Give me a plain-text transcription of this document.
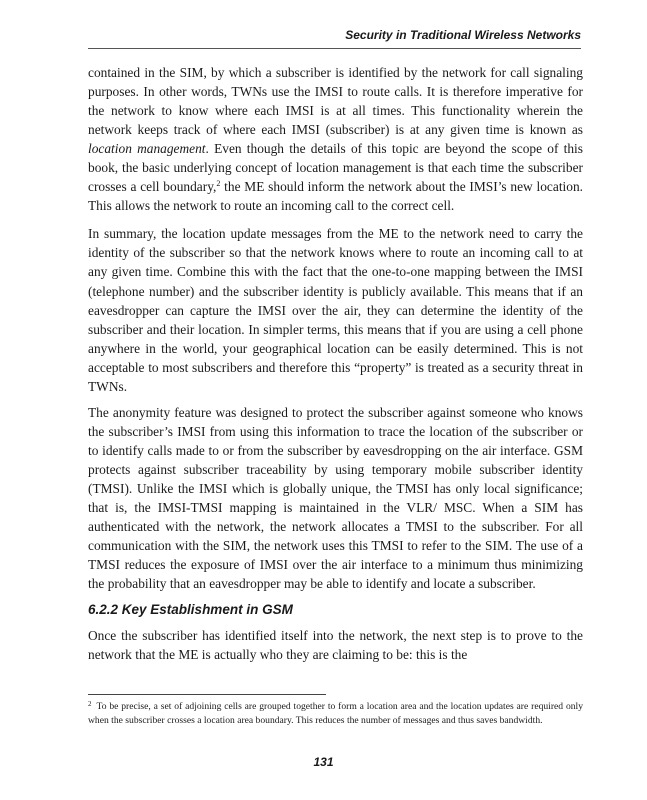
Security in Traditional Wireless Networks

contained in the SIM, by which a subscriber is identified by the network for call signaling purposes. In other words, TWNs use the IMSI to route calls. It is therefore imperative for the network to know where each IMSI is at all times. This functionality wherein the network keeps track of where each IMSI (subscriber) is at any given time is known as location management. Even though the details of this topic are beyond the scope of this book, the basic underlying concept of location management is that each time the subscriber crosses a cell boundary,$^2$ the ME should inform the network about the IMSI’s new location. This allows the network to route an incoming call to the correct cell.

In summary, the location update messages from the ME to the network need to carry the identity of the subscriber so that the network knows where to route an incoming call to at any given time. Combine this with the fact that the one-to-one mapping between the IMSI (telephone number) and the subscriber identity is publicly available. This means that if an eavesdropper can capture the IMSI over the air, they can determine the identity of the subscriber and their location. In simpler terms, this means that if you are using a cell phone anywhere in the world, your geographical location can be easily determined. This is not acceptable to most subscribers and therefore this “property” is treated as a security threat in TWNs.

The anonymity feature was designed to protect the subscriber against someone who knows the subscriber’s IMSI from using this information to trace the location of the subscriber or to identify calls made to or from the subscriber by eavesdropping on the air interface. GSM protects against subscriber traceability by using temporary mobile subscriber identity (TMSI). Unlike the IMSI which is globally unique, the TMSI has only local significance; that is, the IMSI-TMSI mapping is maintained in the VLR/ MSC. When a SIM has authenticated with the network, the network allocates a TMSI to the subscriber. For all communication with the SIM, the network uses this TMSI to refer to the SIM. The use of a TMSI reduces the exposure of IMSI over the air interface to a minimum thus minimizing the probability that an eavesdropper may be able to identify and locate a subscriber.

6.2.2 Key Establishment in GSM

Once the subscriber has identified itself into the network, the next step is to prove to the network that the ME is actually who they are claiming to be: this is the

$^2$ To be precise, a set of adjoining cells are grouped together to form a location area and the location updates are required only when the subscriber crosses a location area boundary. This reduces the number of messages and thus saves bandwidth.
131
